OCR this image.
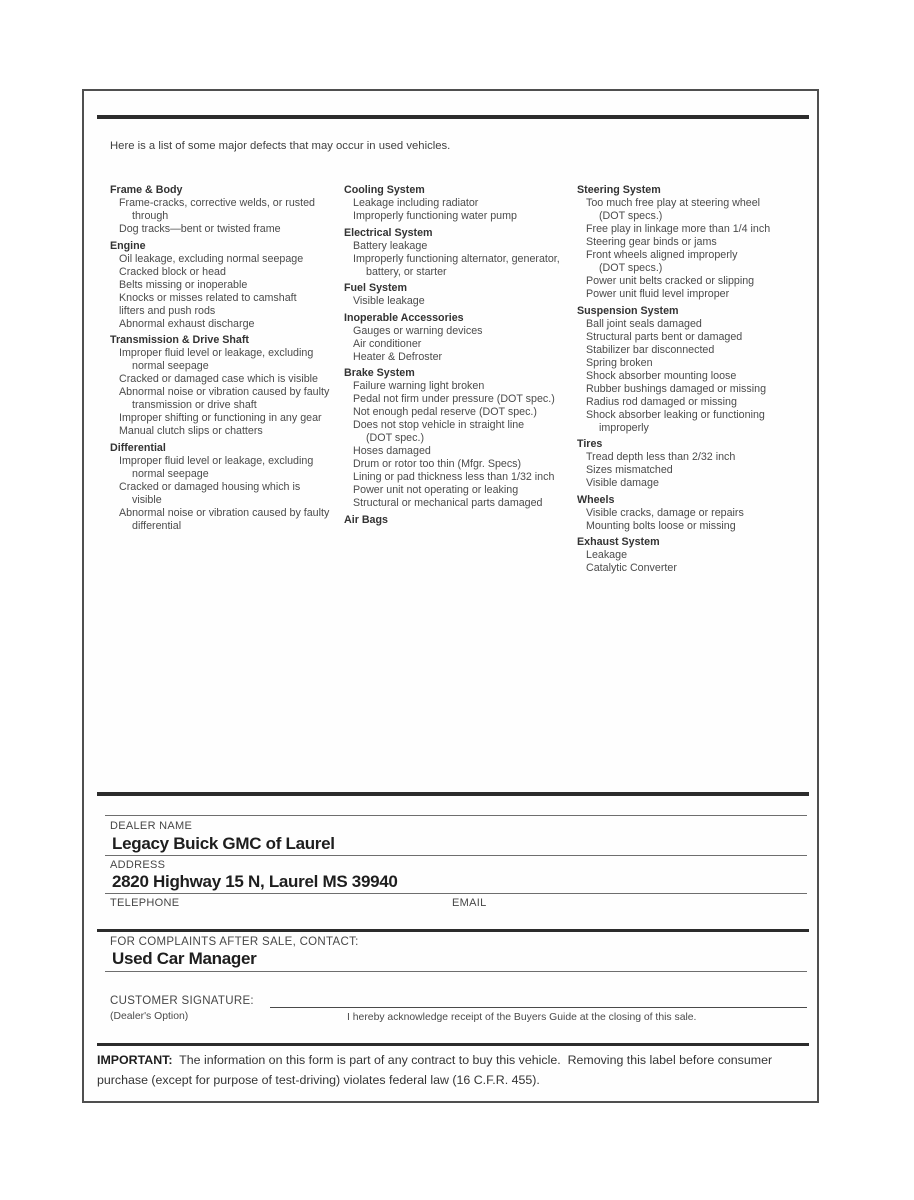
Here is a list of some major defects that may occur in used vehicles.
Frame & Body
Frame-cracks, corrective welds, or rusted
through
Dog tracks—bent or twisted frame
Engine
Oil leakage, excluding normal seepage
Cracked block or head
Belts missing or inoperable
Knocks or misses related to camshaft
lifters and push rods
Abnormal exhaust discharge
Transmission & Drive Shaft
Improper fluid level or leakage, excluding
normal seepage
Cracked or damaged case which is visible
Abnormal noise or vibration caused by faulty
transmission or drive shaft
Improper shifting or functioning in any gear
Manual clutch slips or chatters
Differential
Improper fluid level or leakage, excluding
normal seepage
Cracked or damaged housing which is
visible
Abnormal noise or vibration caused by faulty
differential
Cooling System
Leakage including radiator
Improperly functioning water pump
Electrical System
Battery leakage
Improperly functioning alternator, generator,
battery, or starter
Fuel System
Visible leakage
Inoperable Accessories
Gauges or warning devices
Air conditioner
Heater & Defroster
Brake System
Failure warning light broken
Pedal not firm under pressure (DOT spec.)
Not enough pedal reserve (DOT spec.)
Does not stop vehicle in straight line
(DOT spec.)
Hoses damaged
Drum or rotor too thin (Mfgr. Specs)
Lining or pad thickness less than 1/32 inch
Power unit not operating or leaking
Structural or mechanical parts damaged
Air Bags
Steering System
Too much free play at steering wheel
(DOT specs.)
Free play in linkage more than 1/4 inch
Steering gear binds or jams
Front wheels aligned improperly
(DOT specs.)
Power unit belts cracked or slipping
Power unit fluid level improper
Suspension System
Ball joint seals damaged
Structural parts bent or damaged
Stabilizer bar disconnected
Spring broken
Shock absorber mounting loose
Rubber bushings damaged or missing
Radius rod damaged or missing
Shock absorber leaking or functioning
improperly
Tires
Tread depth less than 2/32 inch
Sizes mismatched
Visible damage
Wheels
Visible cracks, damage or repairs
Mounting bolts loose or missing
Exhaust System
Leakage
Catalytic Converter
DEALER NAME
Legacy Buick GMC of Laurel
ADDRESS
2820 Highway 15 N, Laurel MS 39940
TELEPHONE	EMAIL
FOR COMPLAINTS AFTER SALE, CONTACT:
Used Car Manager
CUSTOMER SIGNATURE:
(Dealer's Option)	I hereby acknowledge receipt of the Buyers Guide at the closing of this sale.
IMPORTANT:  The information on this form is part of any contract to buy this vehicle.  Removing this label before consumer purchase (except for purpose of test-driving) violates federal law (16 C.F.R. 455).
